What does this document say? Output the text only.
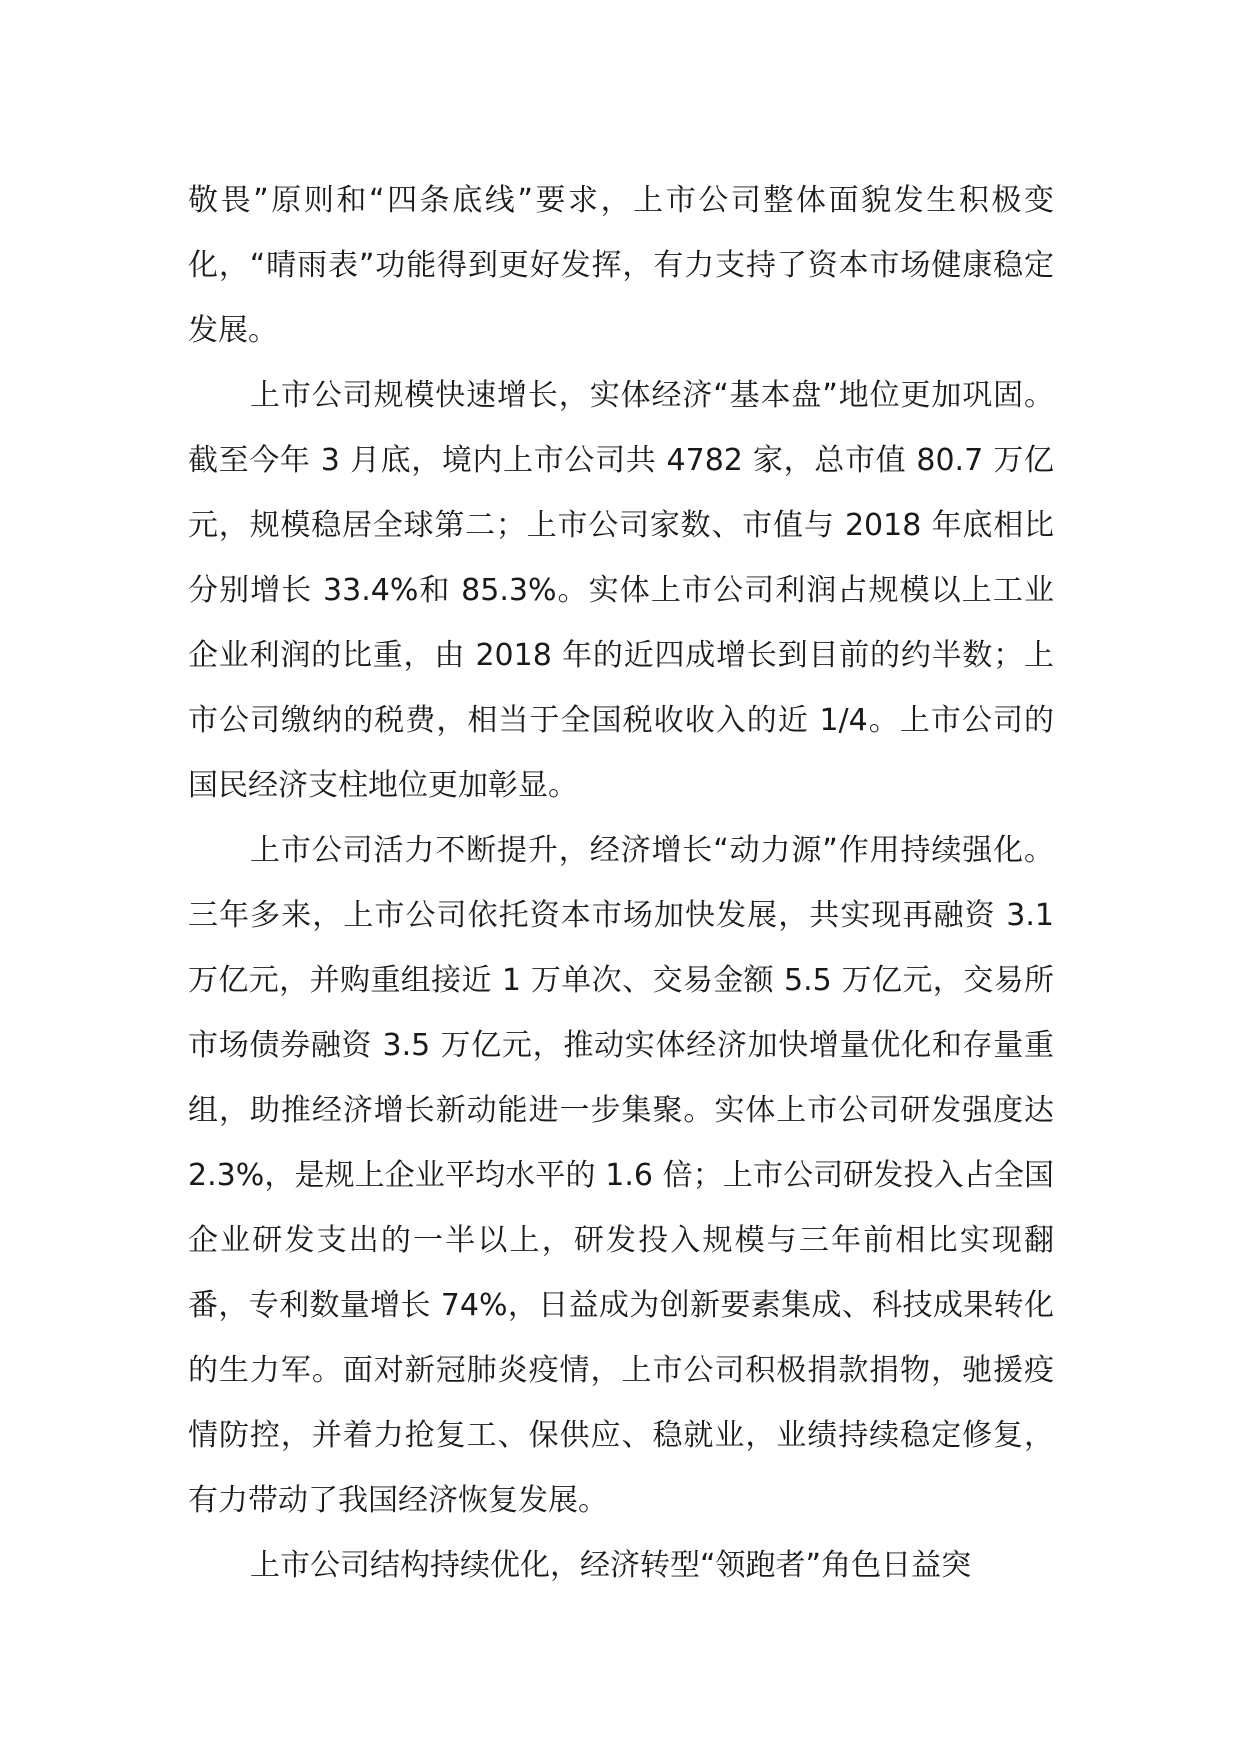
敬畏”原则和“四条底线”要求，上市公司整体面貌发生积极变化，“晴雨表”功能得到更好发挥，有力支持了资本市场健康稳定发展。

上市公司规模快速增长，实体经济“基本盘”地位更加巩固。截至今年 3 月底，境内上市公司共 4782 家，总市值 80.7 万亿元，规模稳居全球第二；上市公司家数、市值与 2018 年底相比分别增长 33.4%和 85.3%。实体上市公司利润占规模以上工业企业利润的比重，由 2018 年的近四成增长到目前的约半数；上市公司缴纳的税费，相当于全国税收收入的近 1/4。上市公司的国民经济支柱地位更加彰显。

上市公司活力不断提升，经济增长“动力源”作用持续强化。三年多来，上市公司依托资本市场加快发展，共实现再融资 3.1 万亿元，并购重组接近 1 万单次、交易金额 5.5 万亿元，交易所市场债券融资 3.5 万亿元，推动实体经济加快增量优化和存量重组，助推经济增长新动能进一步集聚。实体上市公司研发强度达 2.3%，是规上企业平均水平的 1.6 倍；上市公司研发投入占全国企业研发支出的一半以上，研发投入规模与三年前相比实现翻番，专利数量增长 74%，日益成为创新要素集成、科技成果转化的生力军。面对新冠肺炎疫情，上市公司积极捐款捐物，驰援疫情防控，并着力抢复工、保供应、稳就业，业绩持续稳定修复，有力带动了我国经济恢复发展。

上市公司结构持续优化，经济转型“领跑者”角色日益突
